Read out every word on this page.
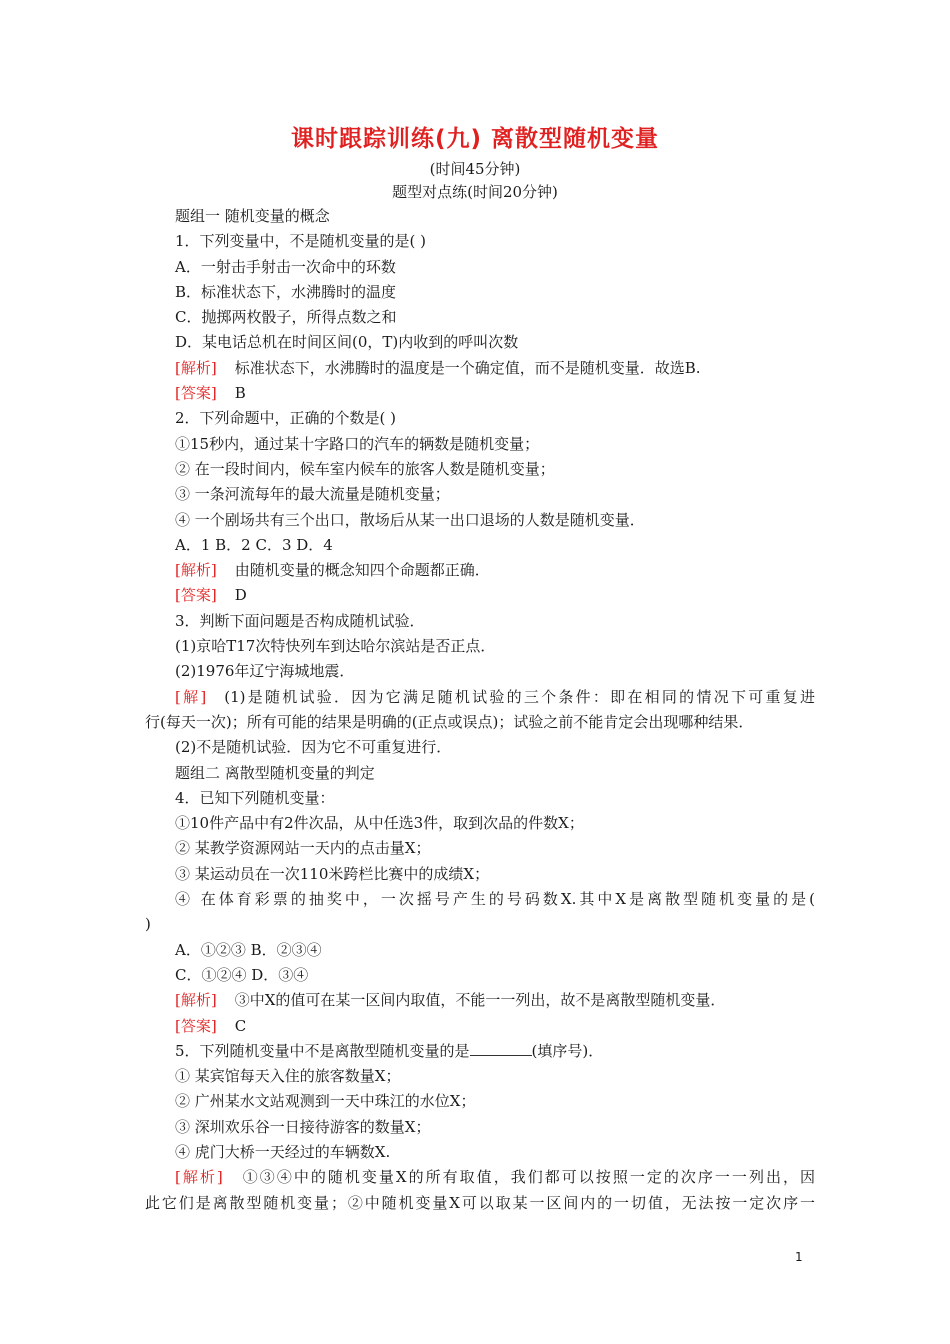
课时跟踪训练(九) 离散型随机变量
(时间45分钟)
题型对点练(时间20分钟)
题组一 随机变量的概念
1．下列变量中，不是随机变量的是( )
A．一射击手射击一次命中的环数
B．标准状态下，水沸腾时的温度
C．抛掷两枚骰子，所得点数之和
D．某电话总机在时间区间(0，T)内收到的呼叫次数
[解析] 标准状态下，水沸腾时的温度是一个确定值，而不是随机变量．故选B.
[答案] B
2．下列命题中，正确的个数是( )
①15秒内，通过某十字路口的汽车的辆数是随机变量；
② 在一段时间内，候车室内候车的旅客人数是随机变量；
③ 一条河流每年的最大流量是随机变量；
④ 一个剧场共有三个出口，散场后从某一出口退场的人数是随机变量．
A．1 B．2 C．3 D．4
[解析] 由随机变量的概念知四个命题都正确．
[答案] D
3．判断下面问题是否构成随机试验．
(1)京哈T17次特快列车到达哈尔滨站是否正点．
(2)1976年辽宁海城地震．
[解] (1)是随机试验．因为它满足随机试验的三个条件：即在相同的情况下可重复进
行(每天一次)；所有可能的结果是明确的(正点或误点)；试验之前不能肯定会出现哪种结果．
(2)不是随机试验．因为它不可重复进行．
题组二 离散型随机变量的判定
4．已知下列随机变量：
①10件产品中有2件次品，从中任选3件，取到次品的件数X；
② 某教学资源网站一天内的点击量X；
③ 某运动员在一次110米跨栏比赛中的成绩X；
④ 在体育彩票的抽奖中，一次摇号产生的号码数X.其中X是离散型随机变量的是(
)
A．①②③ B．②③④
C．①②④ D．③④
[解析] ③中X的值可在某一区间内取值，不能一一列出，故不是离散型随机变量．
[答案] C
5．下列随机变量中不是离散型随机变量的是	(填序号)．
① 某宾馆每天入住的旅客数量X；
② 广州某水文站观测到一天中珠江的水位X；
③ 深圳欢乐谷一日接待游客的数量X；
④ 虎门大桥一天经过的车辆数X.
[解析] ①③④中的随机变量X的所有取值，我们都可以按照一定的次序一一列出，因
此它们是离散型随机变量；②中随机变量X可以取某一区间内的一切值，无法按一定次序一
1
